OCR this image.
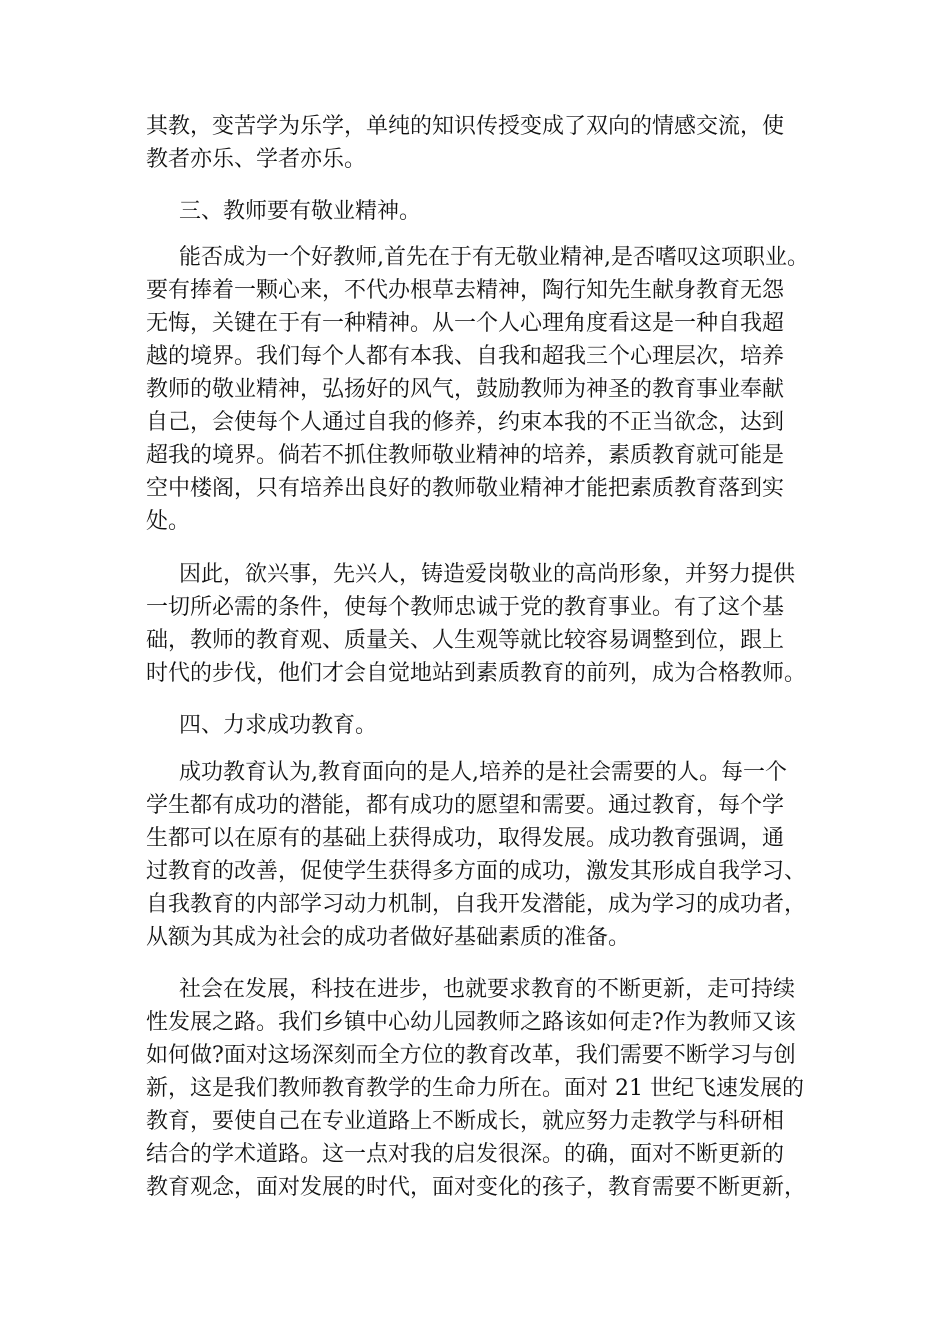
其教，变苦学为乐学，单纯的知识传授变成了双向的情感交流，使
教者亦乐、学者亦乐。
三、教师要有敬业精神。
能否成为一个好教师,首先在于有无敬业精神,是否嗜叹这项职业。
要有捧着一颗心来，不代办根草去精神，陶行知先生献身教育无怨
无悔，关键在于有一种精神。从一个人心理角度看这是一种自我超
越的境界。我们每个人都有本我、自我和超我三个心理层次，培养
教师的敬业精神，弘扬好的风气，鼓励教师为神圣的教育事业奉献
自己，会使每个人通过自我的修养，约束本我的不正当欲念，达到
超我的境界。倘若不抓住教师敬业精神的培养，素质教育就可能是
空中楼阁，只有培养出良好的教师敬业精神才能把素质教育落到实
处。
因此，欲兴事，先兴人，铸造爱岗敬业的高尚形象，并努力提供
一切所必需的条件，使每个教师忠诚于党的教育事业。有了这个基
础，教师的教育观、质量关、人生观等就比较容易调整到位，跟上
时代的步伐，他们才会自觉地站到素质教育的前列，成为合格教师。
四、力求成功教育。
成功教育认为,教育面向的是人,培养的是社会需要的人。每一个
学生都有成功的潜能，都有成功的愿望和需要。通过教育，每个学
生都可以在原有的基础上获得成功，取得发展。成功教育强调，通
过教育的改善，促使学生获得多方面的成功，激发其形成自我学习、
自我教育的内部学习动力机制，自我开发潜能，成为学习的成功者，
从额为其成为社会的成功者做好基础素质的准备。
社会在发展，科技在进步，也就要求教育的不断更新，走可持续
性发展之路。我们乡镇中心幼儿园教师之路该如何走?作为教师又该
如何做?面对这场深刻而全方位的教育改革，我们需要不断学习与创
新，这是我们教师教育教学的生命力所在。面对 21 世纪飞速发展的
教育，要使自己在专业道路上不断成长，就应努力走教学与科研相
结合的学术道路。这一点对我的启发很深。的确，面对不断更新的
教育观念，面对发展的时代，面对变化的孩子，教育需要不断更新，
